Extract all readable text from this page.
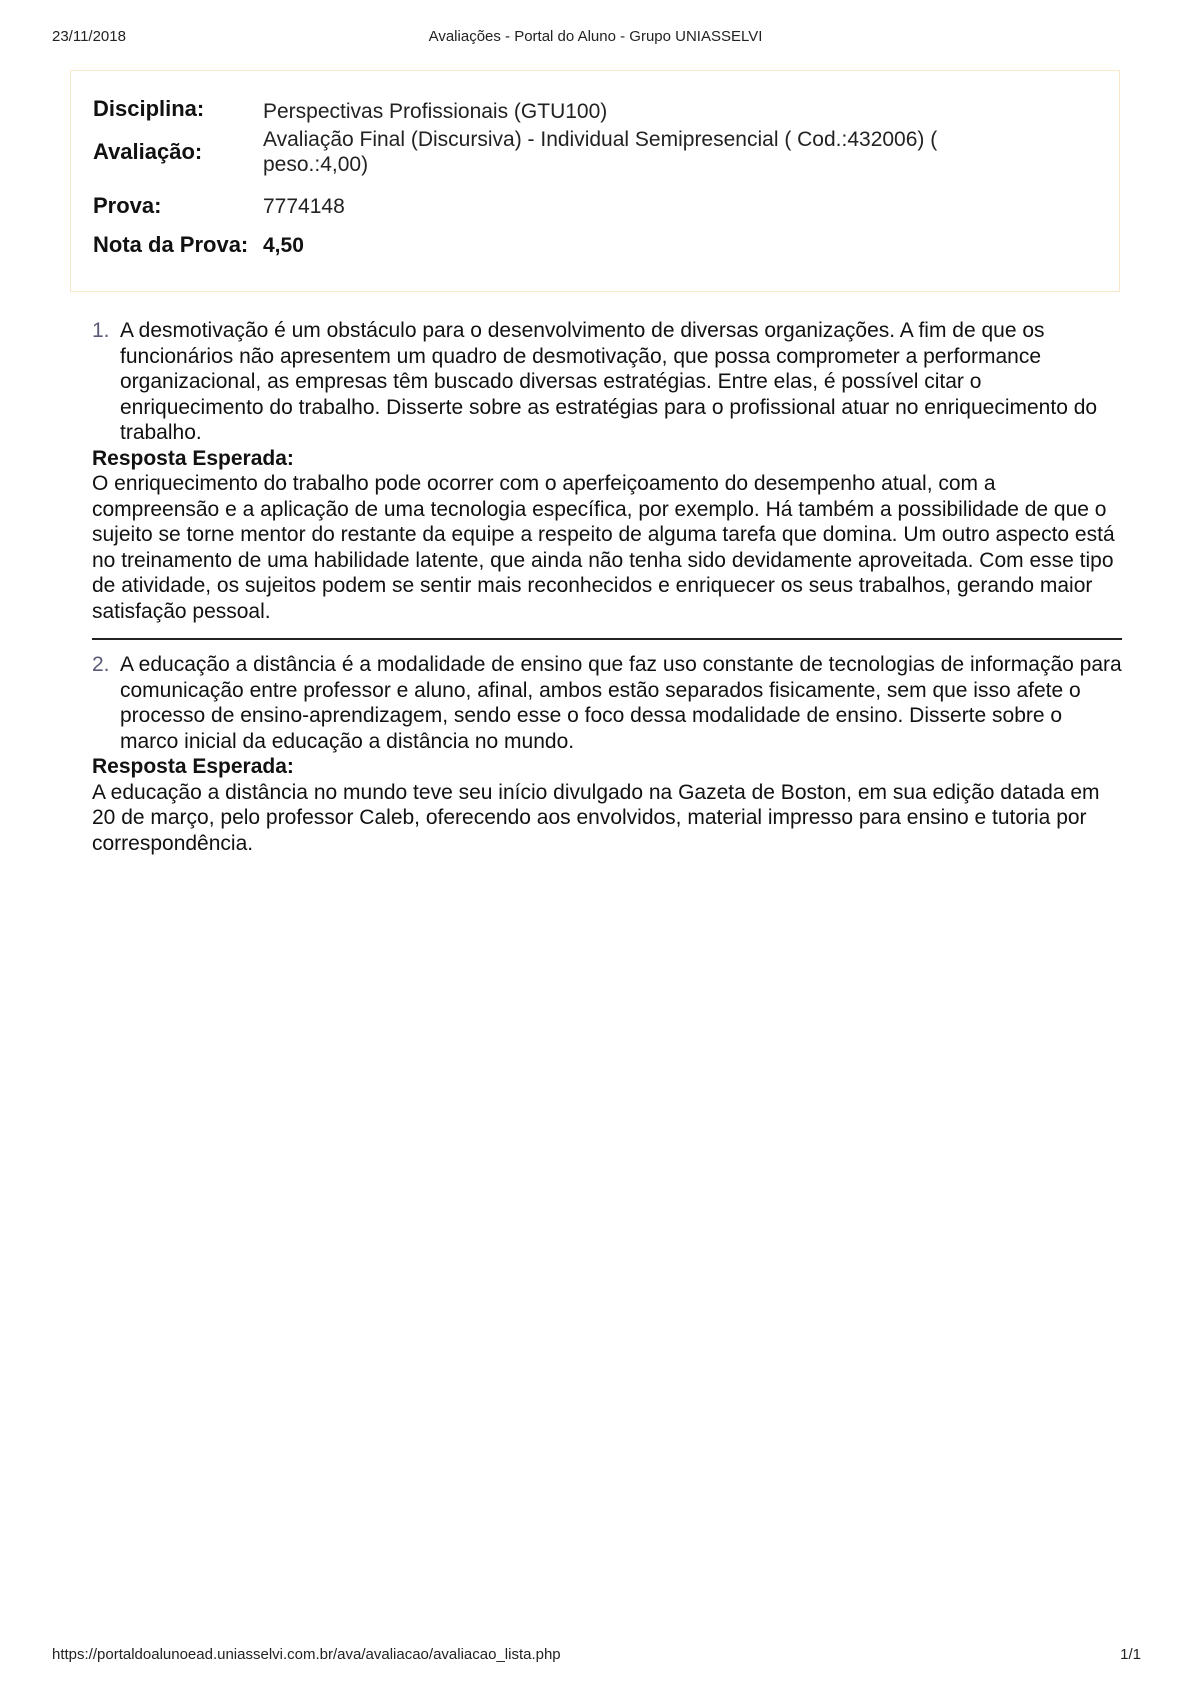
23/11/2018	Avaliações - Portal do Aluno - Grupo UNIASSELVI
Disciplina:	Perspectivas Profissionais (GTU100)
Avaliação:	Avaliação Final (Discursiva) - Individual Semipresencial ( Cod.:432006) ( peso.:4,00)
Prova:	7774148
Nota da Prova: 4,50
1. A desmotivação é um obstáculo para o desenvolvimento de diversas organizações. A fim de que os funcionários não apresentem um quadro de desmotivação, que possa comprometer a performance organizacional, as empresas têm buscado diversas estratégias. Entre elas, é possível citar o enriquecimento do trabalho. Disserte sobre as estratégias para o profissional atuar no enriquecimento do trabalho.
Resposta Esperada:
O enriquecimento do trabalho pode ocorrer com o aperfeiçoamento do desempenho atual, com a compreensão e a aplicação de uma tecnologia específica, por exemplo. Há também a possibilidade de que o sujeito se torne mentor do restante da equipe a respeito de alguma tarefa que domina. Um outro aspecto está no treinamento de uma habilidade latente, que ainda não tenha sido devidamente aproveitada. Com esse tipo de atividade, os sujeitos podem se sentir mais reconhecidos e enriquecer os seus trabalhos, gerando maior satisfação pessoal.
2. A educação a distância é a modalidade de ensino que faz uso constante de tecnologias de informação para comunicação entre professor e aluno, afinal, ambos estão separados fisicamente, sem que isso afete o processo de ensino-aprendizagem, sendo esse o foco dessa modalidade de ensino. Disserte sobre o marco inicial da educação a distância no mundo.
Resposta Esperada:
A educação a distância no mundo teve seu início divulgado na Gazeta de Boston, em sua edição datada em 20 de março, pelo professor Caleb, oferecendo aos envolvidos, material impresso para ensino e tutoria por correspondência.
https://portaldoalunoead.uniasselvi.com.br/ava/avaliacao/avaliacao_lista.php	1/1
